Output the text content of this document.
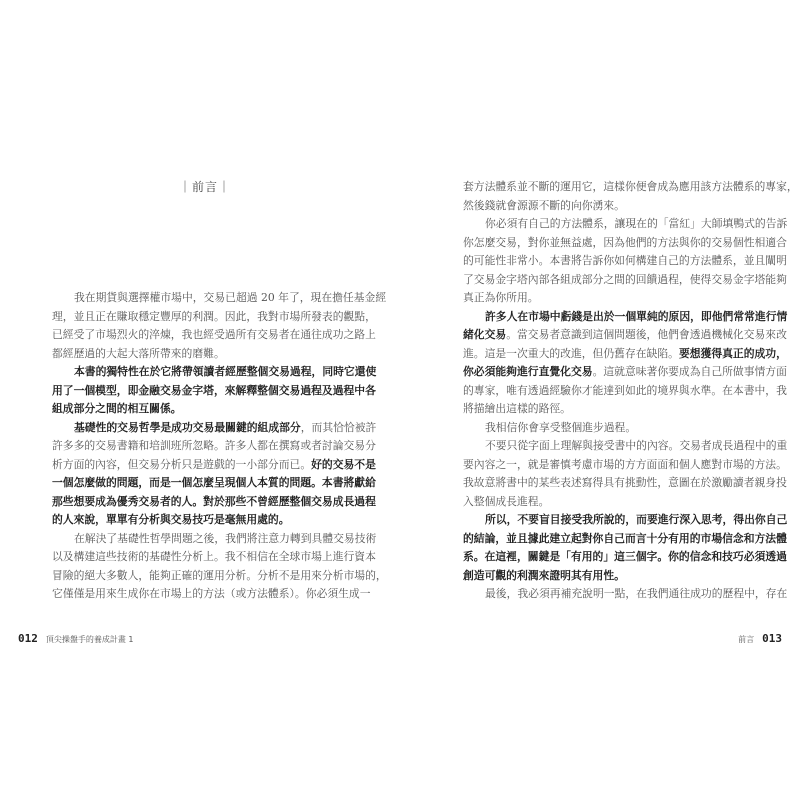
｜前言｜
我在期貨與選擇權市場中，交易已超過 20 年了，現在擔任基金經
理，並且正在賺取穩定豐厚的利潤。因此，我對市場所發表的觀點，
已經受了市場烈火的淬煉，我也經受過所有交易者在通往成功之路上
都經歷過的大起大落所帶來的磨難。
本書的獨特性在於它將帶領讀者經歷整個交易過程，同時它還使
用了一個模型，即金融交易金字塔，來解釋整個交易過程及過程中各
組成部分之間的相互關係。
基礎性的交易哲學是成功交易最關鍵的組成部分，而其恰恰被許
許多多的交易書籍和培訓班所忽略。許多人都在撰寫或者討論交易分
析方面的內容，但交易分析只是遊戲的一小部分而已。好的交易不是
一個怎麼做的問題，而是一個怎麼呈現個人本質的問題。本書將獻給
那些想要成為優秀交易者的人。對於那些不曾經歷整個交易成長過程
的人來說，單單有分析與交易技巧是毫無用處的。
在解決了基礎性哲學問題之後，我們將注意力轉到具體交易技術
以及構建這些技術的基礎性分析上。我不相信在全球市場上進行資本
冒險的絕大多數人，能夠正確的運用分析。分析不是用來分析市場的，
它僅僅是用來生成你在市場上的方法（或方法體系）。你必須生成一
012 頂尖操盤手的養成計畫 1
套方法體系並不斷的運用它，這樣你便會成為應用該方法體系的專家，
然後錢就會源源不斷的向你湧來。
你必須有自己的方法體系，讓現在的「當紅」大師填鴨式的告訴
你怎麼交易，對你並無益處，因為他們的方法與你的交易個性相適合
的可能性非常小。本書將告訴你如何構建自己的方法體系，並且闡明
了交易金字塔內部各組成部分之間的回饋過程，使得交易金字塔能夠
真正為你所用。
許多人在市場中虧錢是出於一個單純的原因，即他們常常進行情
緒化交易。當交易者意識到這個問題後，他們會透過機械化交易來改
進。這是一次重大的改進，但仍舊存在缺陷。要想獲得真正的成功，
你必須能夠進行直覺化交易。這就意味著你要成為自己所做事情方面
的專家，唯有透過經驗你才能達到如此的境界與水準。在本書中，我
將描繪出這樣的路徑。
我相信你會享受整個進步過程。
不要只從字面上理解與接受書中的內容。交易者成長過程中的重
要內容之一，就是審慎考慮市場的方方面面和個人應對市場的方法。
我故意將書中的某些表述寫得具有挑動性，意圖在於激勵讀者親身投
入整個成長進程。
所以，不要盲目接受我所說的，而要進行深入思考，得出你自己
的結論，並且據此建立起對你自己而言十分有用的市場信念和方法體
系。在這裡，關鍵是「有用的」這三個字。你的信念和技巧必須透過
創造可觀的利潤來證明其有用性。
最後，我必須再補充說明一點，在我們通往成功的歷程中，存在
前言 013
